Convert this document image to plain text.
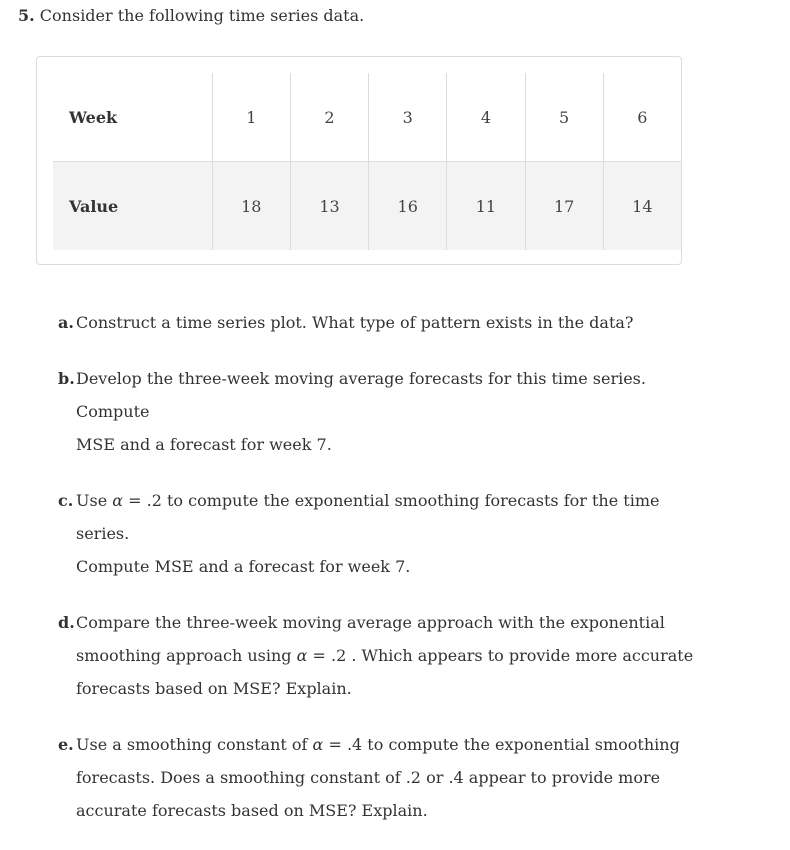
5. Consider the following time series data.
Week	1	2	3	4	5	6
Value	18	13	16	11	17	14
a. Construct a time series plot. What type of pattern exists in the data?
b. Develop the three-week moving average forecasts for this time series. Compute
MSE and a forecast for week 7.
c. Use α = .2 to compute the exponential smoothing forecasts for the time series.
Compute MSE and a forecast for week 7.
d. Compare the three-week moving average approach with the exponential
smoothing approach using α = .2 . Which appears to provide more accurate
forecasts based on MSE? Explain.
e. Use a smoothing constant of α = .4 to compute the exponential smoothing
forecasts. Does a smoothing constant of .2 or .4 appear to provide more
accurate forecasts based on MSE? Explain.
